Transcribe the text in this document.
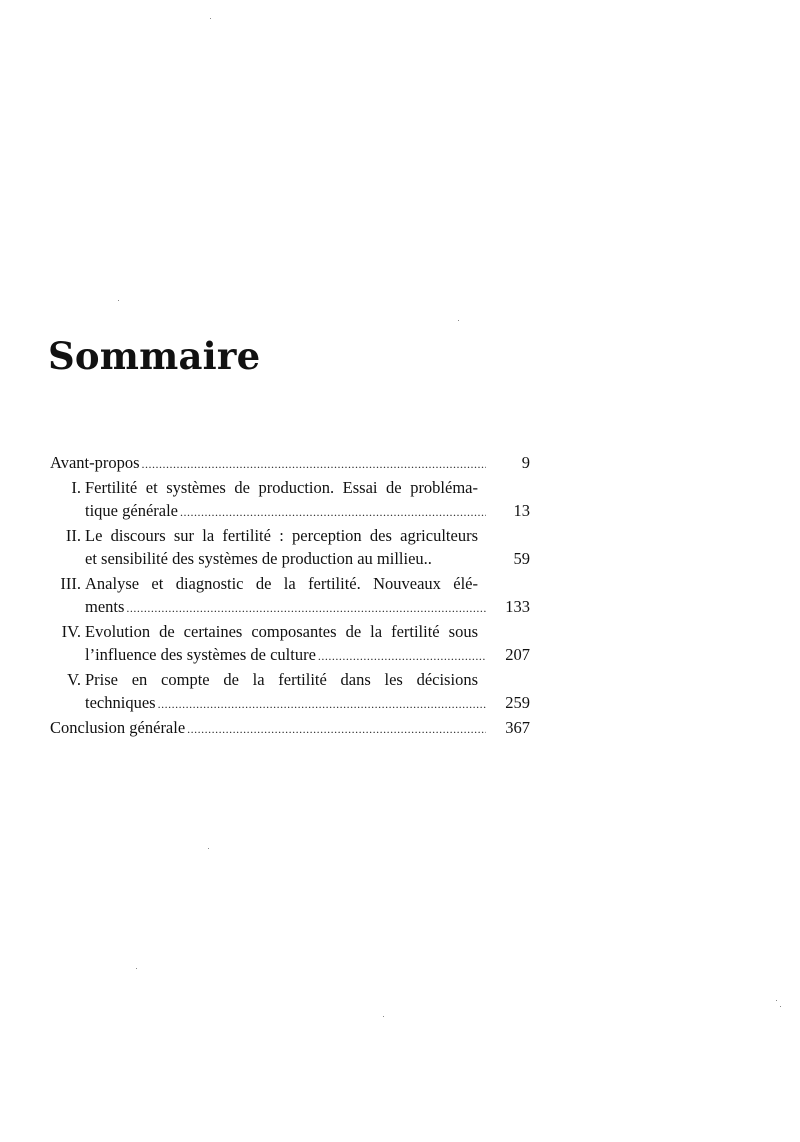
Sommaire
Avant-propos .....	9
I. Fertilité et systèmes de production. Essai de probléma-
tique générale .....	13
II. Le discours sur la fertilité : perception des agriculteurs
et sensibilité des systèmes de production au millieu..	59
III. Analyse et diagnostic de la fertilité. Nouveaux élé-
ments .....	133
IV. Evolution de certaines composantes de la fertilité sous
l’influence des systèmes de culture .....	207
V. Prise en compte de la fertilité dans les décisions
techniques .....	259
Conclusion générale .....	367
